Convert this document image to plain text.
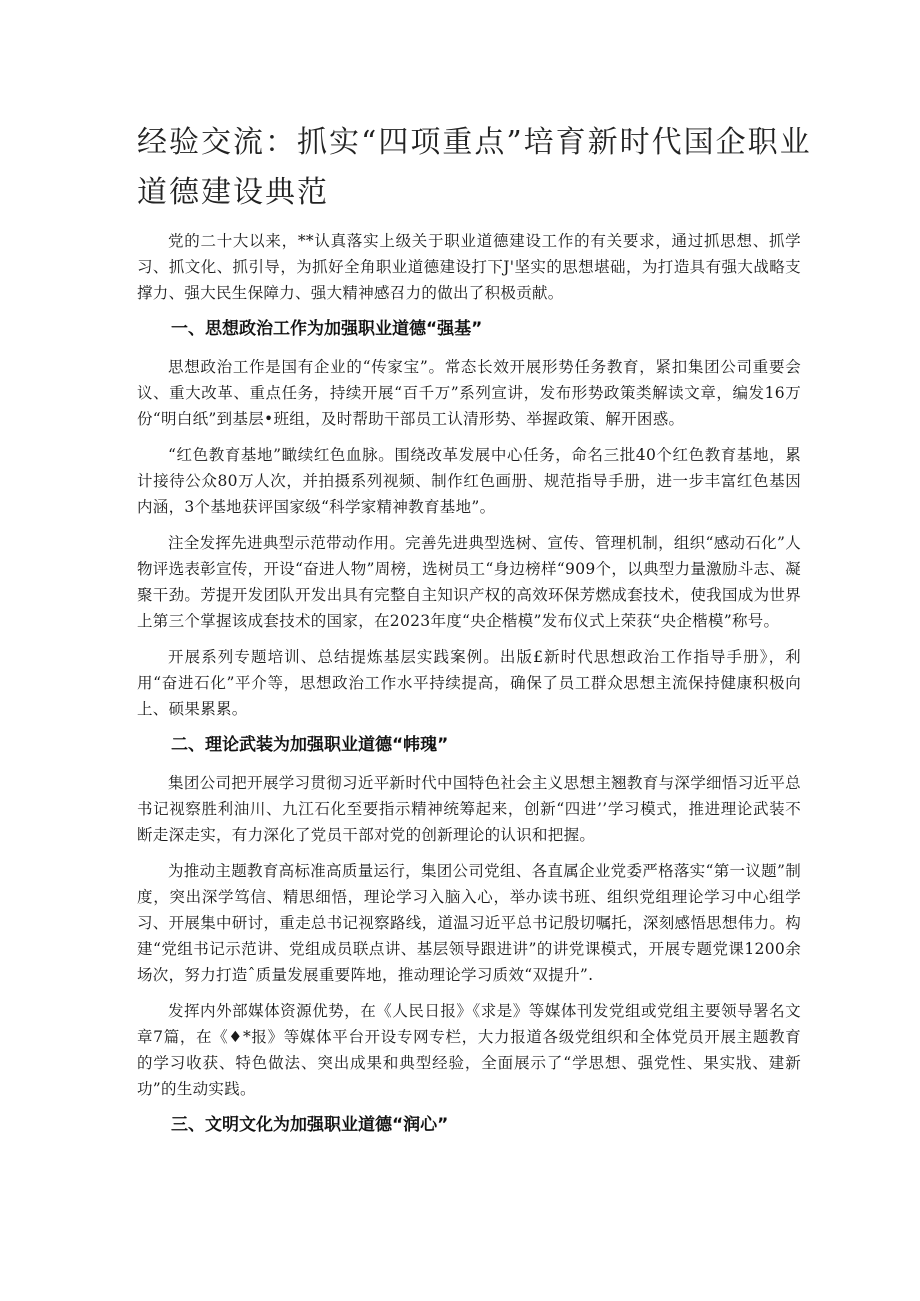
经验交流：抓实“四项重点”培育新时代国企职业道德建设典范

党的二十大以来，**认真落实上级关于职业道德建设工作的有关要求，通过抓思想、抓学习、抓文化、抓引导，为抓好全角职业道德建设打下J'坚实的思想堪础，为打造具有强大战略支撑力、强大民生保障力、强大精神感召力的做出了积极贡献。

一、思想政治工作为加强职业道德“强基”

思想政治工作是国有企业的“传家宝”。常态长效开展形势任务教育，紧扣集团公司重要会议、重大改革、重点任务，持续开展“百千万”系列宣讲，发布形势政策类解读文章，编发16万份“明白纸”到基层•班组，及时帮助干部员工认清形势、举握政策、解开困惑。

“红色教育基地”瞰续红色血脉。围绕改革发展中心任务，命名三批40个红色教育基地，累计接待公众80万人次，并拍摄系列视频、制作红色画册、规范指导手册，进一步丰富红色基因内涵，3个基地获评国家级“科学家精神教育基地”。

注全发挥先进典型示范带动作用。完善先进典型选树、宣传、管理机制，组织“感动石化”人物评选表彰宣传，开设“奋进人物”周榜，选树员工“身边榜样“909个，以典型力量激励斗志、凝聚干劲。芳提开发团队开发出具有完整自主知识产权的高效环保芳燃成套技术，使我国成为世界上第三个掌握该成套技术的国家，在2023年度“央企楷模”发布仪式上荣获“央企楷模”称号。

开展系列专题培训、总结提炼基层实践案例。出版£新时代思想政治工作指导手册》，利用“奋进石化”平介等，思想政治工作水平持续提高，确保了员工群众思想主流保持健康积极向上、硕果累累。

二、理论武装为加强职业道德“帏瑰”

集团公司把开展学习贯彻习近平新时代中国特色社会主义思想主翘教育与深学细悟习近平总书记视察胜利油川、九江石化至要指示精神统筹起来，创新“四进’’学习模式，推进理论武装不断走深走实，有力深化了党员干部对党的创新理论的认识和把握。

为推动主题教育高标准高质量运行，集团公司党组、各直属企业党委严格落实“第一议题”制度，突出深学笃信、精思细悟，理论学习入脑入心，举办读书班、组织党组理论学习中心组学习、开展集中研讨，重走总书记视察路线，道温习近平总书记殷切嘱托，深刻感悟思想伟力。构建“党组书记示范讲、党组成员联点讲、基层领导跟进讲”的讲党课模式，开展专题党课1200余场次，努力打造ˆ质量发展重要阵地，推动理论学习质效“双提升”.

发挥内外部媒体资源优势，在《人民日报》《求是》等媒体刊发党组或党组主要领导署名文章7篇，在《♦*报》等媒体平台开设专网专栏，大力报道各级党组织和全体党员开展主题教育的学习收获、特色做法、突出成果和典型经验，全面展示了“学思想、强党性、果实戕、建新功”的生动实践。

三、文明文化为加强职业道德“润心”
